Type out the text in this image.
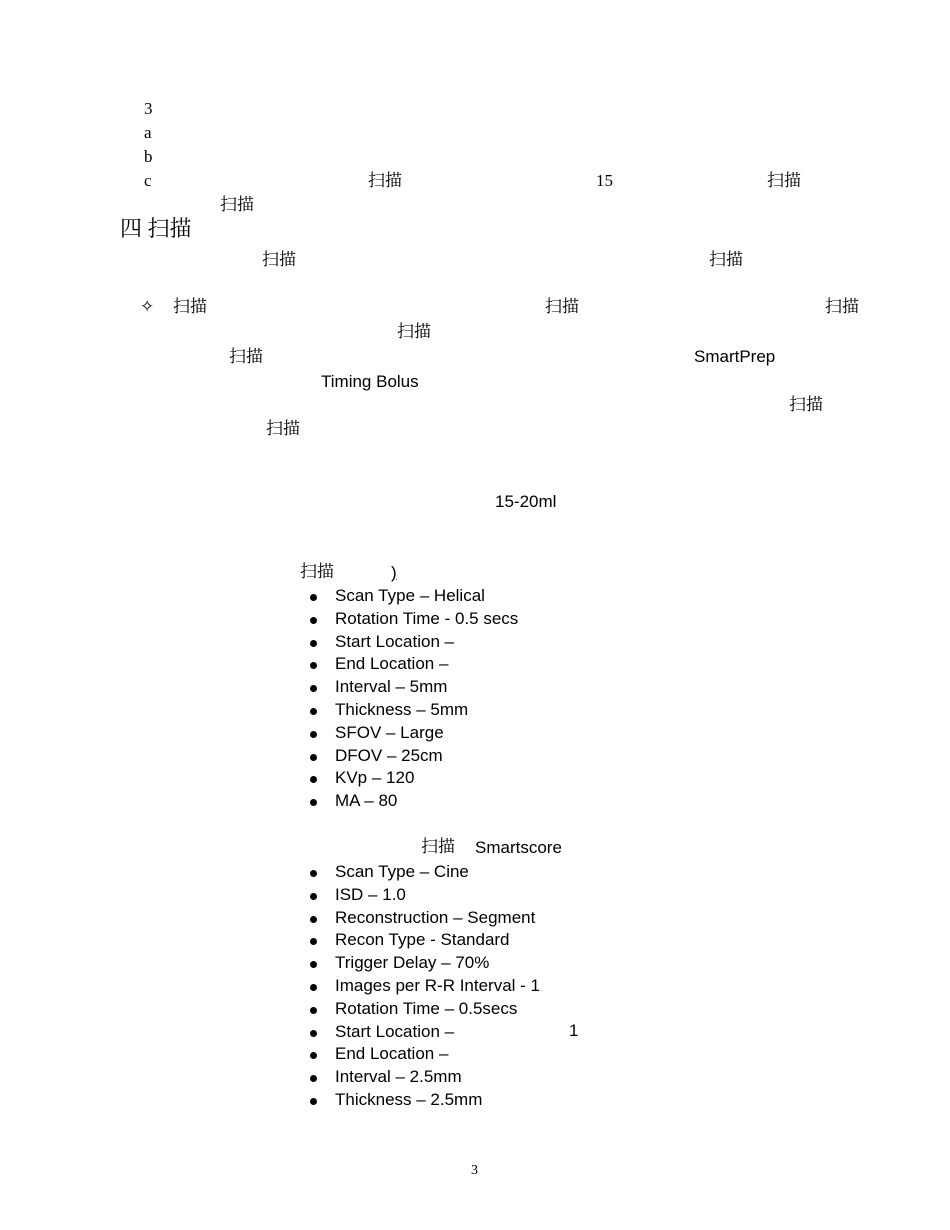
3
a
b
c	扫描	15	扫描
扫描
四 扫描
扫描	扫描
✧ 扫描	扫描	扫描
扫描
扫描	SmartPrep
Timing Bolus
扫描
扫描
15-20ml
扫描	)
Scan Type – Helical
Rotation Time - 0.5 secs
Start Location –
End Location –
Interval – 5mm
Thickness – 5mm
SFOV – Large
DFOV – 25cm
KVp – 120
MA – 80
扫描 Smartscore
Scan Type – Cine
ISD – 1.0
Reconstruction – Segment
Recon Type - Standard
Trigger Delay – 70%
Images per R-R Interval - 1
Rotation Time – 0.5secs
Start Location –
End Location –
Interval – 2.5mm
Thickness – 2.5mm
1
3
